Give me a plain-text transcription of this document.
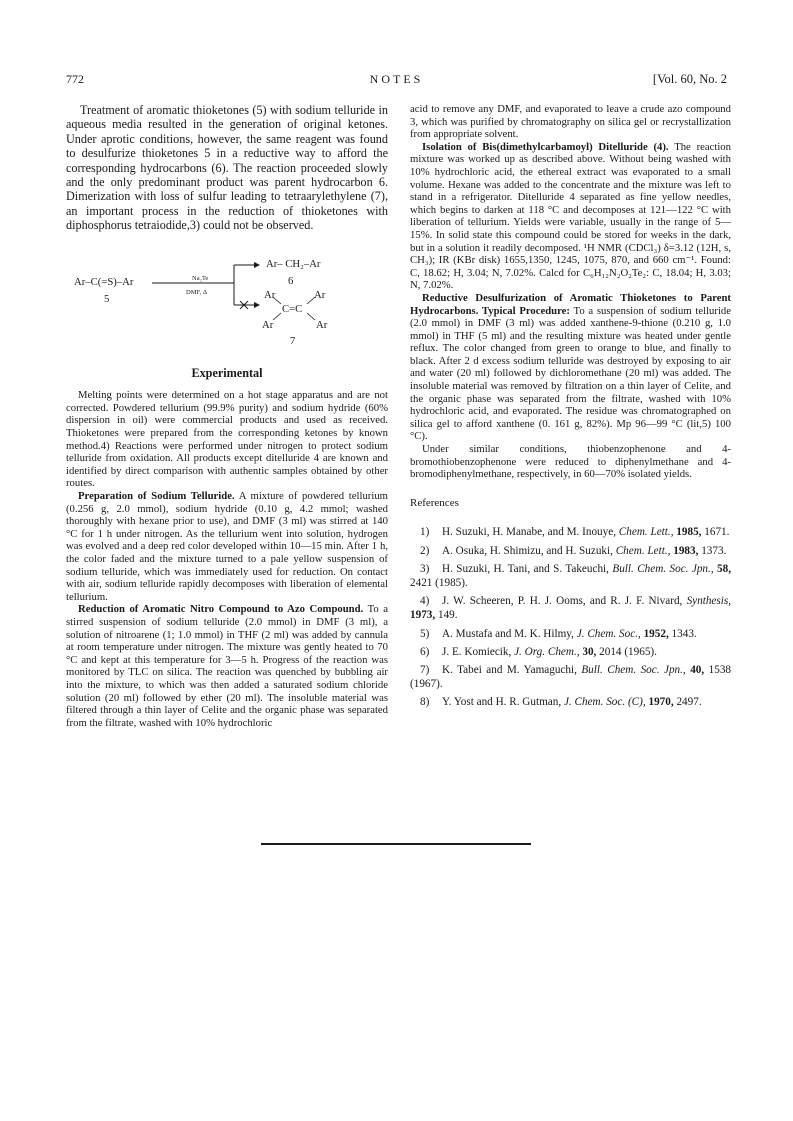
772	NOTES	[Vol. 60, No. 2

Treatment of aromatic thioketones (5) with sodium telluride in aqueous media resulted in the generation of original ketones. Under aprotic conditions, however, the same reagent was found to desulfurize thioketones 5 in a reductive way to afford the corresponding hydrocarbons (6). The reaction proceeded slowly and the only predominant product was parent hydrocarbon 6. Dimerization with loss of sulfur leading to tetraarylethylene (7), an important process in the reduction of thioketones with diphosphorus tetraiodide,3) could not be observed.

Ar–C(=S)–Ar
5
Na₂Te
DMF, Δ
Ar– CH₂–Ar
6
Ar	Ar
C=C
Ar	Ar
7
Experimental

Melting points were determined on a hot stage apparatus and are not corrected. Powdered tellurium (99.9% purity) and sodium hydride (60% dispersion in oil) were commercial products and used as received. Thioketones were prepared from the corresponding ketones by known method.4) Reactions were performed under nitrogen to protect sodium telluride from oxidation. All products except ditelluride 4 are known and identified by direct comparison with authentic samples obtained by other routes.

Preparation of Sodium Telluride. A mixture of powdered tellurium (0.256 g, 2.0 mmol), sodium hydride (0.10 g, 4.2 mmol; washed thoroughly with hexane prior to use), and DMF (3 ml) was stirred at 140 °C for 1 h under nitrogen. As the tellurium went into solution, hydrogen was evolved and a deep red color developed within 10—15 min. After 1 h, the color faded and the mixture turned to a pale yellow suspension of sodium telluride, which was immediately used for reduction. On contact with air, sodium telluride rapidly decomposes with liberation of elemental tellurium.

Reduction of Aromatic Nitro Compound to Azo Compound. To a stirred suspension of sodium telluride (2.0 mmol) in DMF (3 ml), a solution of nitroarene (1; 1.0 mmol) in THF (2 ml) was added by cannula at room temperature under nitrogen. The mixture was gently heated to 70 °C and kept at this temperature for 3—5 h. Progress of the reaction was monitored by TLC on silica. The reaction was quenched by bubbling air into the mixture, to which was then added a saturated sodium chloride solution (20 ml) followed by ether (20 ml). The insoluble material was filtered through a thin layer of Celite and the organic phase was separated from the filtrate, washed with 10% hydrochloric

acid to remove any DMF, and evaporated to leave a crude azo compound 3, which was purified by chromatography on silica gel or recrystallization from appropriate solvent.

Isolation of Bis(dimethylcarbamoyl) Ditelluride (4). The reaction mixture was worked up as described above. Without being washed with 10% hydrochloric acid, the ethereal extract was evaporated to a small volume. Hexane was added to the concentrate and the mixture was left to stand in a refrigerator. Ditelluride 4 separated as fine yellow needles, which begins to darken at 118 °C and decomposes at 121—122 °C with liberation of tellurium. Yields were variable, usually in the range of 5—15%. In solid state this compound could be stored for weeks in the dark, but in a solution it readily decomposed. ¹H NMR (CDCl₃) δ=3.12 (12H, s, CH₃); IR (KBr disk) 1655,1350, 1245, 1075, 870, and 660 cm⁻¹. Found: C, 18.62; H, 3.04; N, 7.02%. Calcd for C₆H₁₂N₂O₂Te₂: C, 18.04; H, 3.03; N, 7.02%.

Reductive Desulfurization of Aromatic Thioketones to Parent Hydrocarbons. Typical Procedure: To a suspension of sodium telluride (2.0 mmol) in DMF (3 ml) was added xanthene-9-thione (0.210 g, 1.0 mmol) in THF (5 ml) and the resulting mixture was heated under gentle reflux. The color changed from green to orange to blue, and finally to black. After 2 d excess sodium telluride was destroyed by exposing to air and water (20 ml) followed by dichloromethane (20 ml) was added. The insoluble material was removed by filtration on a thin layer of Celite, and the organic phase was separated from the filtrate, washed with 10% hydrochloric acid, and evaporated. The residue was chromatographed on silica gel to afford xanthene (0. 161 g, 82%). Mp 96—99 °C (lit,5) 100 °C).

Under similar conditions, thiobenzophenone and 4-bromothiobenzophenone were reduced to diphenylmethane and 4-bromodiphenylmethane, respectively, in 60—70% isolated yields.

References
1) H. Suzuki, H. Manabe, and M. Inouye, Chem. Lett., 1985, 1671.
2) A. Osuka, H. Shimizu, and H. Suzuki, Chem. Lett., 1983, 1373.
3) H. Suzuki, H. Tani, and S. Takeuchi, Bull. Chem. Soc. Jpn., 58, 2421 (1985).
4) J. W. Scheeren, P. H. J. Ooms, and R. J. F. Nivard, Synthesis, 1973, 149.
5) A. Mustafa and M. K. Hilmy, J. Chem. Soc., 1952, 1343.
6) J. E. Komiecik, J. Org. Chem., 30, 2014 (1965).
7) K. Tabei and M. Yamaguchi, Bull. Chem. Soc. Jpn., 40, 1538 (1967).
8) Y. Yost and H. R. Gutman, J. Chem. Soc. (C), 1970, 2497.
